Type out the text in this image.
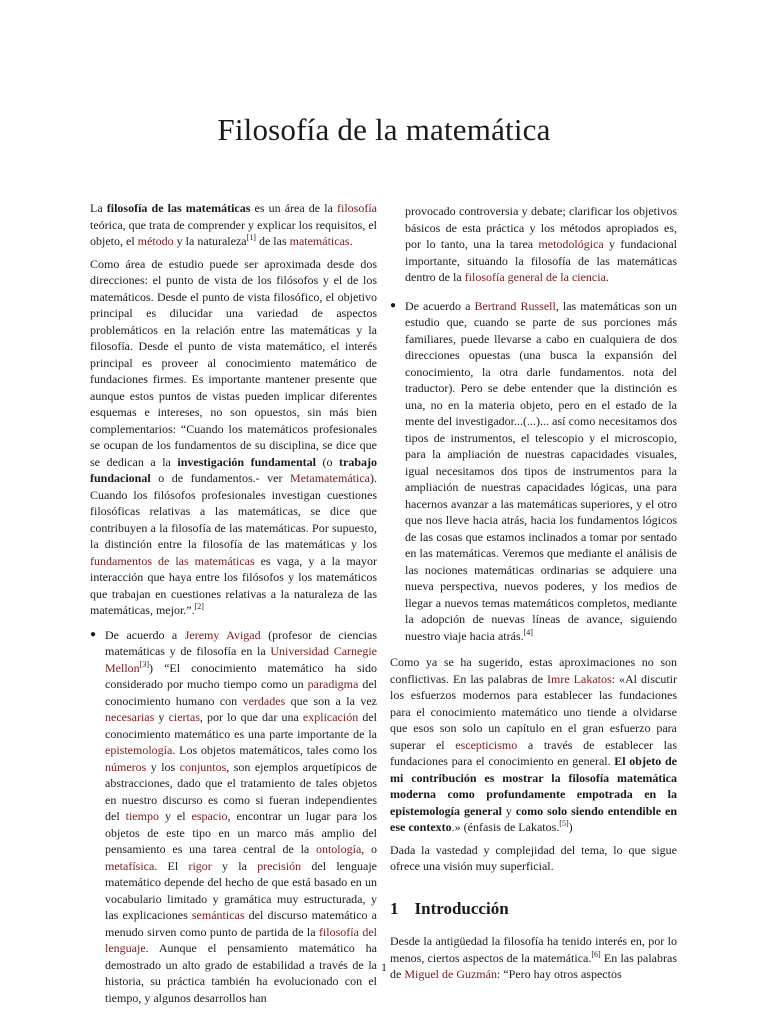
Filosofía de la matemática

La filosofía de las matemáticas es un área de la filosofía teórica, que trata de comprender y explicar los requisitos, el objeto, el método y la naturaleza[1] de las matemáticas.

Como área de estudio puede ser aproximada desde dos direcciones: el punto de vista de los filósofos y el de los matemáticos. Desde el punto de vista filosófico, el objetivo principal es dilucidar una variedad de aspectos problemáticos en la relación entre las matemáticas y la filosofía. Desde el punto de vista matemático, el interés principal es proveer al conocimiento matemático de fundaciones firmes. Es importante mantener presente que aunque estos puntos de vistas pueden implicar diferentes esquemas e intereses, no son opuestos, sin más bien complementarios: “Cuando los matemáticos profesionales se ocupan de los fundamentos de su disciplina, se dice que se dedican a la investigación fundamental (o trabajo fundacional o de fundamentos.- ver Metamatemática). Cuando los filósofos profesionales investigan cuestiones filosóficas relativas a las matemáticas, se dice que contribuyen a la filosofía de las matemáticas. Por supuesto, la distinción entre la filosofía de las matemáticas y los fundamentos de las matemáticas es vaga, y a la mayor interacción que haya entre los filósofos y los matemáticos que trabajan en cuestiones relativas a la naturaleza de las matemáticas, mejor.”.[2]

● De acuerdo a Jeremy Avigad (profesor de ciencias matemáticas y de filosofía en la Universidad Carnegie Mellon[3]) “El conocimiento matemático ha sido considerado por mucho tiempo como un paradigma del conocimiento humano con verdades que son a la vez necesarias y ciertas, por lo que dar una explicación del conocimiento matemático es una parte importante de la epistemología. Los objetos matemáticos, tales como los números y los conjuntos, son ejemplos arquetípicos de abstracciones, dado que el tratamiento de tales objetos en nuestro discurso es como si fueran independientes del tiempo y el espacio, encontrar un lugar para los objetos de este tipo en un marco más amplio del pensamiento es una tarea central de la ontología, o metafísica. El rigor y la precisión del lenguaje matemático depende del hecho de que está basado en un vocabulario limitado y gramática muy estructurada, y las explicaciones semánticas del discurso matemático a menudo sirven como punto de partida de la filosofía del lenguaje. Aunque el pensamiento matemático ha demostrado un alto grado de estabilidad a través de la historia, su práctica también ha evolucionado con el tiempo, y algunos desarrollos han

provocado controversia y debate; clarificar los objetivos básicos de esta práctica y los métodos apropiados es, por lo tanto, una la tarea metodológica y fundacional importante, situando la filosofía de las matemáticas dentro de la filosofía general de la ciencia.

● De acuerdo a Bertrand Russell, las matemáticas son un estudio que, cuando se parte de sus porciones más familiares, puede llevarse a cabo en cualquiera de dos direcciones opuestas (una busca la expansión del conocimiento, la otra darle fundamentos. nota del traductor). Pero se debe entender que la distinción es una, no en la materia objeto, pero en el estado de la mente del investigador...(...)... así como necesitamos dos tipos de instrumentos, el telescopio y el microscopio, para la ampliación de nuestras capacidades visuales, igual necesitamos dos tipos de instrumentos para la ampliación de nuestras capacidades lógicas, una para hacernos avanzar a las matemáticas superiores, y el otro que nos lleve hacia atrás, hacia los fundamentos lógicos de las cosas que estamos inclinados a tomar por sentado en las matemáticas. Veremos que mediante el análisis de las nociones matemáticas ordinarias se adquiere una nueva perspectiva, nuevos poderes, y los medios de llegar a nuevos temas matemáticos completos, mediante la adopción de nuevas líneas de avance, siguiendo nuestro viaje hacia atrás.[4]

Como ya se ha sugerido, estas aproximaciones no son conflictivas. En las palabras de Imre Lakatos: «Al discutir los esfuerzos modernos para establecer las fundaciones para el conocimiento matemático uno tiende a olvidarse que esos son solo un capítulo en el gran esfuerzo para superar el escepticismo a través de establecer las fundaciones para el conocimiento en general. El objeto de mi contribución es mostrar la filosofía matemática moderna como profundamente empotrada en la epistemología general y como solo siendo entendible en ese contexto.» (énfasis de Lakatos.[5])

Dada la vastedad y complejidad del tema, lo que sigue ofrece una visión muy superficial.

1 Introducción

Desde la antigüedad la filosofía ha tenido interés en, por lo menos, ciertos aspectos de la matemática.[6] En las palabras de Miguel de Guzmán: “Pero hay otros aspectos

1
